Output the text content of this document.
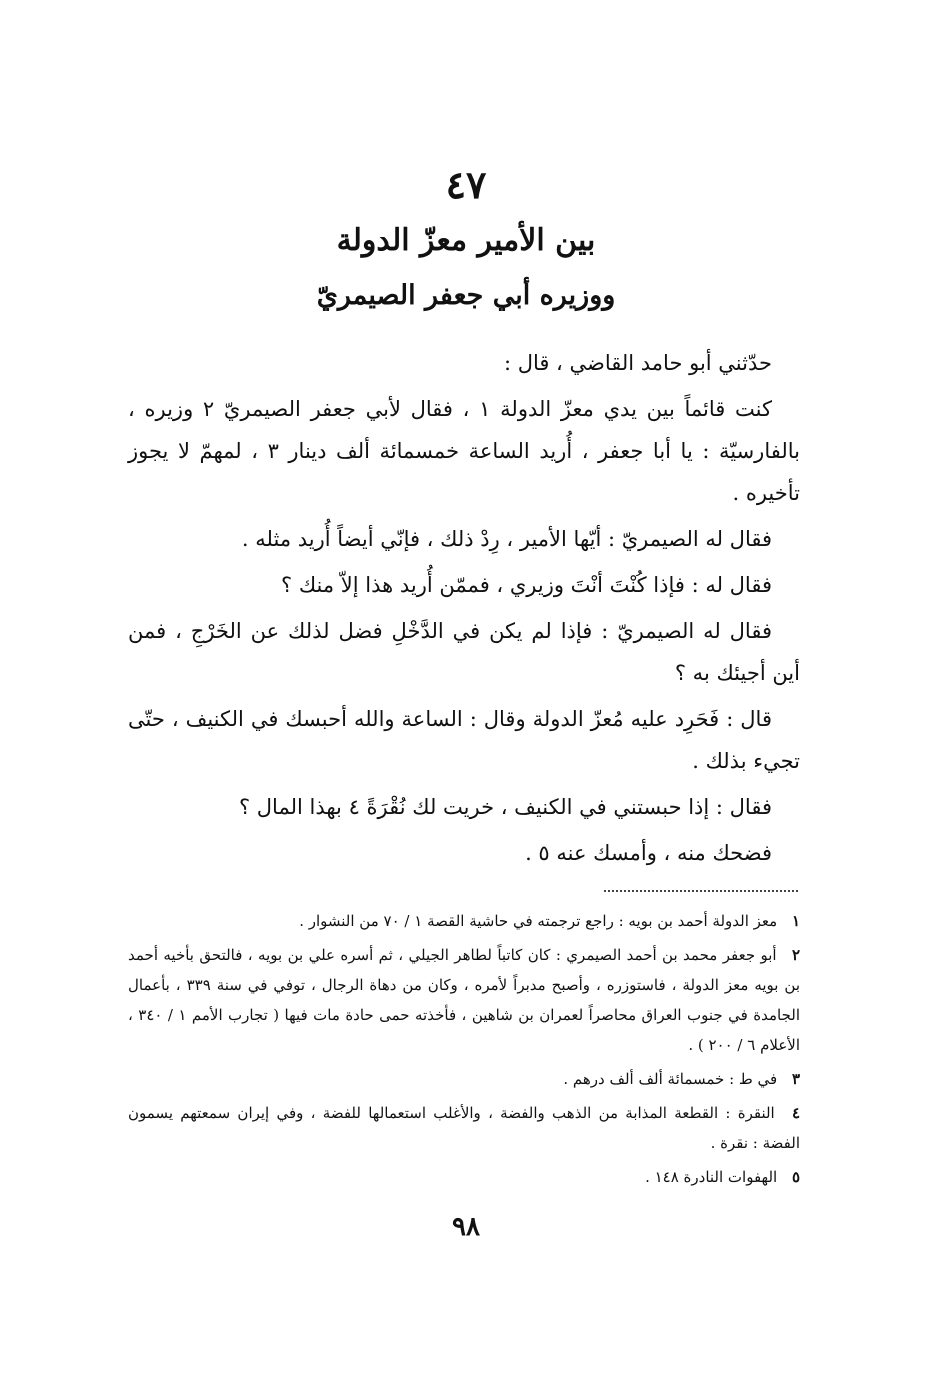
٤٧
بين الأمير معزّ الدولة
ووزيره أبي جعفر الصيمريّ

حدّثني أبو حامد القاضي ، قال :

كنت قائماً بين يدي معزّ الدولة ١ ، فقال لأبي جعفر الصيمريّ ٢ وزيره ، بالفارسيّة : يا أبا جعفر ، أُريد الساعة خمسمائة ألف دينار ٣ ، لمهمّ لا يجوز تأخيره .

فقال له الصيمريّ : أيّها الأمير ، رِدْ ذلك ، فإنّي أيضاً أُريد مثله .

فقال له : فإذا كُنْتَ أنْتَ وزيري ، فممّن أُريد هذا إلاّ منك ؟

فقال له الصيمريّ : فإذا لم يكن في الدَّخْلِ فضل لذلك عن الخَرْجِ ، فمن أين أجيئك به ؟

قال : فَحَرِد عليه مُعزّ الدولة وقال : الساعة والله أحبسك في الكنيف ، حتّى تجيء بذلك .

فقال : إذا حبستني في الكنيف ، خريت لك نُقْرَةً ٤ بهذا المال ؟

فضحك منه ، وأمسك عنه ٥ .

١ معز الدولة أحمد بن بويه : راجع ترجمته في حاشية القصة ١ / ٧٠ من النشوار .
٢ أبو جعفر محمد بن أحمد الصيمري : كان كاتباً لطاهر الجيلي ، ثم أسره علي بن بويه ، فالتحق بأخيه أحمد بن بويه معز الدولة ، فاستوزره ، وأصبح مدبراً لأمره ، وكان من دهاة الرجال ، توفي في سنة ٣٣٩ ، بأعمال الجامدة في جنوب العراق محاصراً لعمران بن شاهين ، فأخذته حمى حادة مات فيها ( تجارب الأمم ١ / ٣٤٠ ، الأعلام ٦ / ٢٠٠ ) .
٣ في ط : خمسمائة ألف ألف درهم .
٤ النقرة : القطعة المذابة من الذهب والفضة ، والأغلب استعمالها للفضة ، وفي إيران سمعتهم يسمون الفضة : نقرة .
٥ الهفوات النادرة ١٤٨ .
٩٨
